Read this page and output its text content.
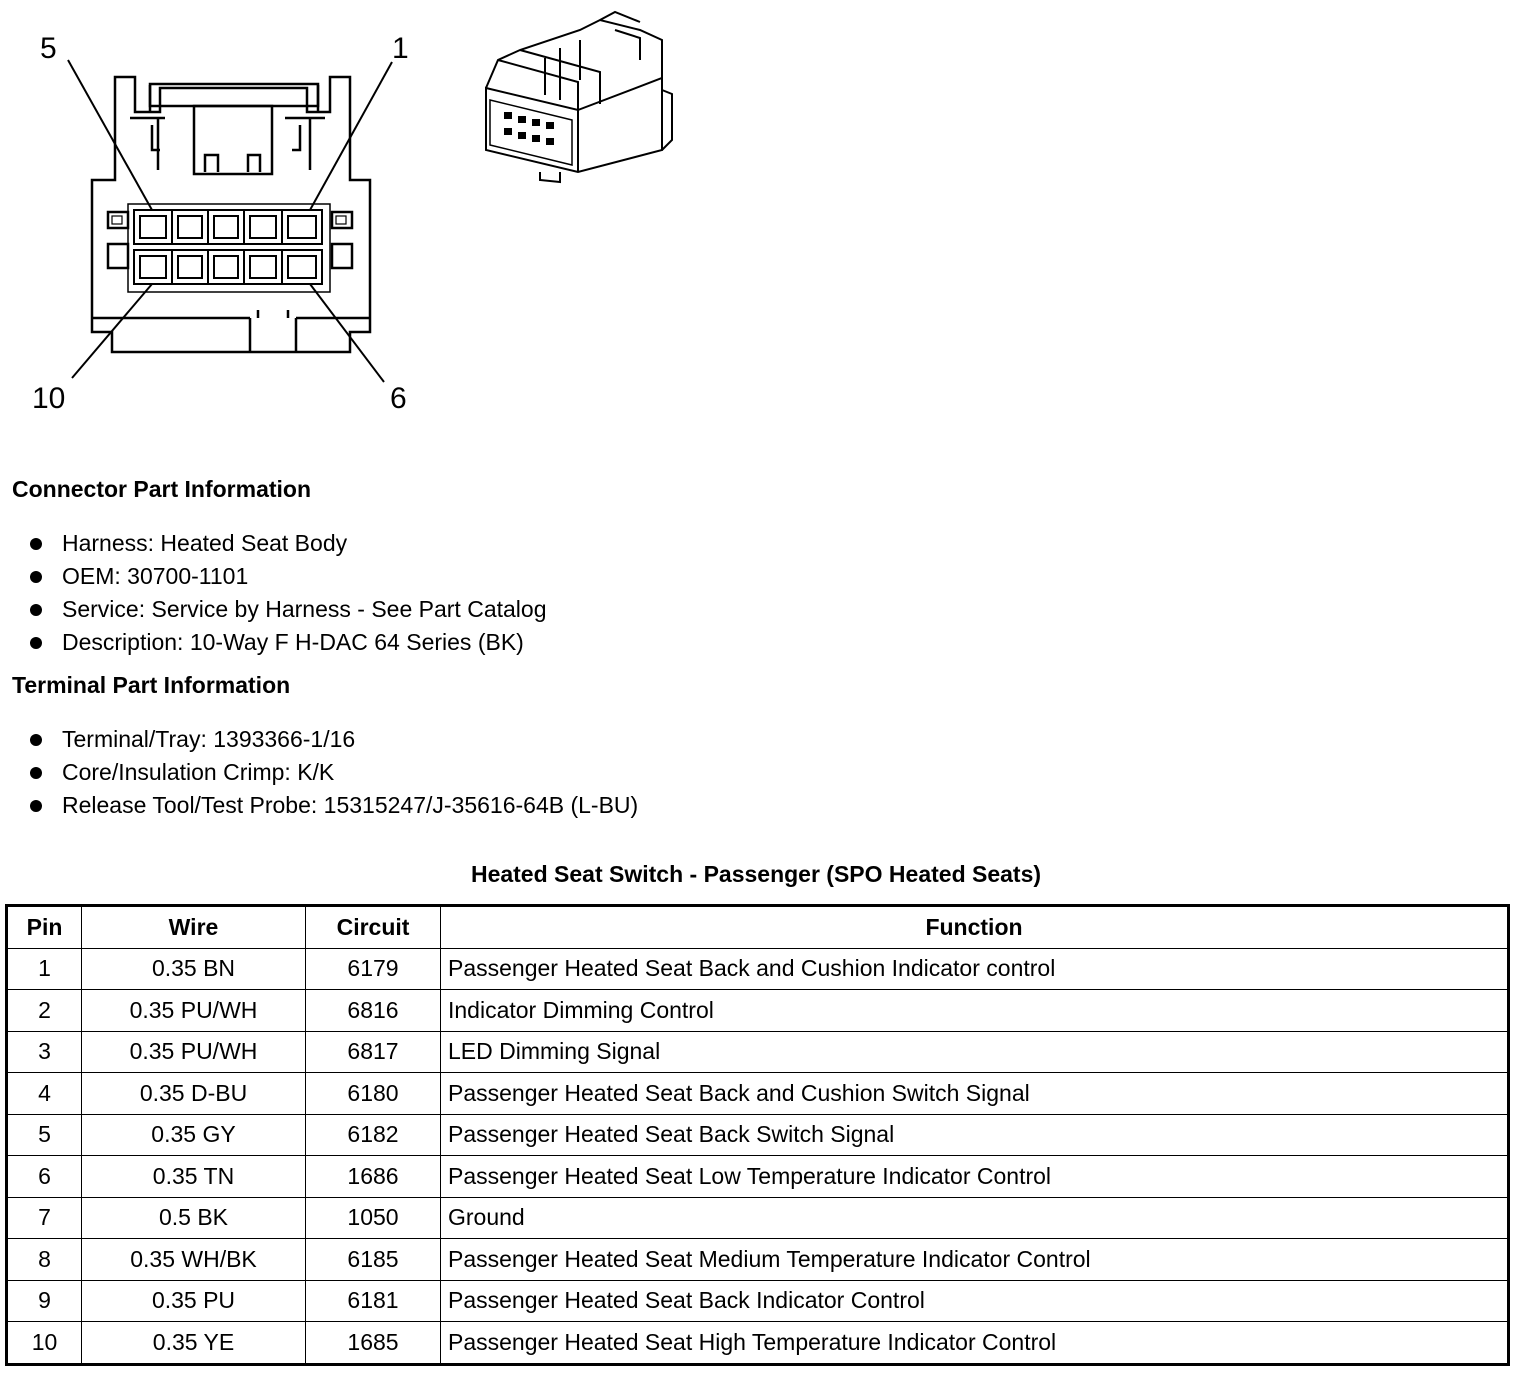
5	1
10	6
Connector Part Information
Harness: Heated Seat Body
OEM: 30700-1101
Service: Service by Harness - See Part Catalog
Description: 10-Way F H-DAC 64 Series (BK)
Terminal Part Information
Terminal/Tray: 1393366-1/16
Core/Insulation Crimp: K/K
Release Tool/Test Probe: 15315247/J-35616-64B (L-BU)
Heated Seat Switch - Passenger (SPO Heated Seats)
Pin	Wire	Circuit	Function
1	0.35 BN	6179	Passenger Heated Seat Back and Cushion Indicator control
2	0.35 PU/WH	6816	Indicator Dimming Control
3	0.35 PU/WH	6817	LED Dimming Signal
4	0.35 D-BU	6180	Passenger Heated Seat Back and Cushion Switch Signal
5	0.35 GY	6182	Passenger Heated Seat Back Switch Signal
6	0.35 TN	1686	Passenger Heated Seat Low Temperature Indicator Control
7	0.5 BK	1050	Ground
8	0.35 WH/BK	6185	Passenger Heated Seat Medium Temperature Indicator Control
9	0.35 PU	6181	Passenger Heated Seat Back Indicator Control
10	0.35 YE	1685	Passenger Heated Seat High Temperature Indicator Control
